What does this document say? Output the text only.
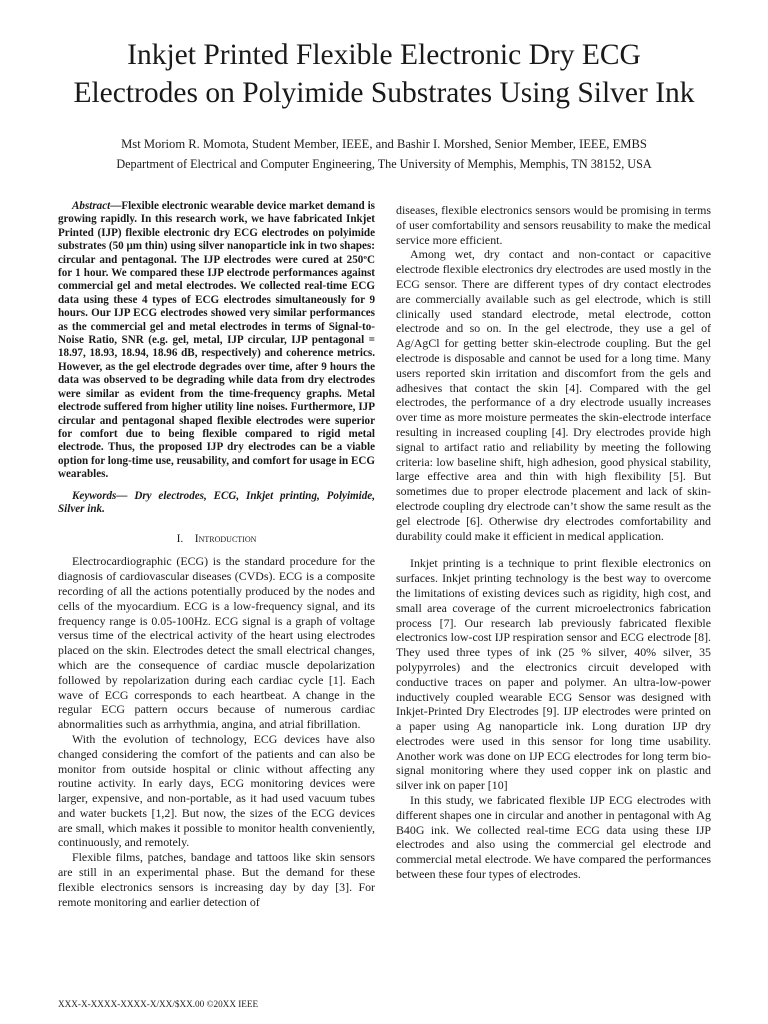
Inkjet Printed Flexible Electronic Dry ECG
Electrodes on Polyimide Substrates Using Silver Ink
Mst Moriom R. Momota, Student Member, IEEE, and Bashir I. Morshed, Senior Member, IEEE, EMBS
Department of Electrical and Computer Engineering, The University of Memphis, Memphis, TN 38152, USA

Abstract—Flexible electronic wearable device market demand is growing rapidly. In this research work, we have fabricated Inkjet Printed (IJP) flexible electronic dry ECG electrodes on polyimide substrates (50 μm thin) using silver nanoparticle ink in two shapes: circular and pentagonal. The IJP electrodes were cured at 250ºC for 1 hour. We compared these IJP electrode performances against commercial gel and metal electrodes. We collected real-time ECG data using these 4 types of ECG electrodes simultaneously for 9 hours. Our IJP ECG electrodes showed very similar performances as the commercial gel and metal electrodes in terms of Signal-to-Noise Ratio, SNR (e.g. gel, metal, IJP circular, IJP pentagonal = 18.97, 18.93, 18.94, 18.96 dB, respectively) and coherence metrics. However, as the gel electrode degrades over time, after 9 hours the data was observed to be degrading while data from dry electrodes were similar as evident from the time-frequency graphs. Metal electrode suffered from higher utility line noises. Furthermore, IJP circular and pentagonal shaped flexible electrodes were superior for comfort due to being flexible compared to rigid metal electrode. Thus, the proposed IJP dry electrodes can be a viable option for long-time use, reusability, and comfort for usage in ECG wearables.

Keywords— Dry electrodes, ECG, Inkjet printing, Polyimide, Silver ink.

I. Introduction

Electrocardiographic (ECG) is the standard procedure for the diagnosis of cardiovascular diseases (CVDs). ECG is a composite recording of all the actions potentially produced by the nodes and cells of the myocardium. ECG is a low-frequency signal, and its frequency range is 0.05-100Hz. ECG signal is a graph of voltage versus time of the electrical activity of the heart using electrodes placed on the skin. Electrodes detect the small electrical changes, which are the consequence of cardiac muscle depolarization followed by repolarization during each cardiac cycle [1]. Each wave of ECG corresponds to each heartbeat. A change in the regular ECG pattern occurs because of numerous cardiac abnormalities such as arrhythmia, angina, and atrial fibrillation.

With the evolution of technology, ECG devices have also changed considering the comfort of the patients and can also be monitor from outside hospital or clinic without affecting any routine activity. In early days, ECG monitoring devices were larger, expensive, and non-portable, as it had used vacuum tubes and water buckets [1,2]. But now, the sizes of the ECG devices are small, which makes it possible to monitor health conveniently, continuously, and remotely.

Flexible films, patches, bandage and tattoos like skin sensors are still in an experimental phase. But the demand for these flexible electronics sensors is increasing day by day [3]. For remote monitoring and earlier detection of

diseases, flexible electronics sensors would be promising in terms of user comfortability and sensors reusability to make the medical service more efficient.

Among wet, dry contact and non-contact or capacitive electrode flexible electronics dry electrodes are used mostly in the ECG sensor. There are different types of dry contact electrodes are commercially available such as gel electrode, which is still clinically used standard electrode, metal electrode, cotton electrode and so on. In the gel electrode, they use a gel of Ag/AgCl for getting better skin-electrode coupling. But the gel electrode is disposable and cannot be used for a long time. Many users reported skin irritation and discomfort from the gels and adhesives that contact the skin [4]. Compared with the gel electrodes, the performance of a dry electrode usually increases over time as more moisture permeates the skin-electrode interface resulting in increased coupling [4]. Dry electrodes provide high signal to artifact ratio and reliability by meeting the following criteria: low baseline shift, high adhesion, good physical stability, large effective area and thin with high flexibility [5]. But sometimes due to proper electrode placement and lack of skin-electrode coupling dry electrode can’t show the same result as the gel electrode [6]. Otherwise dry electrodes comfortability and durability could make it efficient in medical application.

Inkjet printing is a technique to print flexible electronics on surfaces. Inkjet printing technology is the best way to overcome the limitations of existing devices such as rigidity, high cost, and small area coverage of the current microelectronics fabrication process [7]. Our research lab previously fabricated flexible electronics low-cost IJP respiration sensor and ECG electrode [8]. They used three types of ink (25 % silver, 40% silver, 35 polypyrroles) and the electronics circuit developed with conductive traces on paper and polymer. An ultra-low-power inductively coupled wearable ECG Sensor was designed with Inkjet-Printed Dry Electrodes [9]. IJP electrodes were printed on a paper using Ag nanoparticle ink. Long duration IJP dry electrodes were used in this sensor for long time usability. Another work was done on IJP ECG electrodes for long term bio-signal monitoring where they used copper ink on plastic and silver ink on paper [10]

In this study, we fabricated flexible IJP ECG electrodes with different shapes one in circular and another in pentagonal with Ag B40G ink. We collected real-time ECG data using these IJP electrodes and also using the commercial gel electrode and commercial metal electrode. We have compared the performances between these four types of electrodes.

XXX-X-XXXX-XXXX-X/XX/$XX.00 ©20XX IEEE
